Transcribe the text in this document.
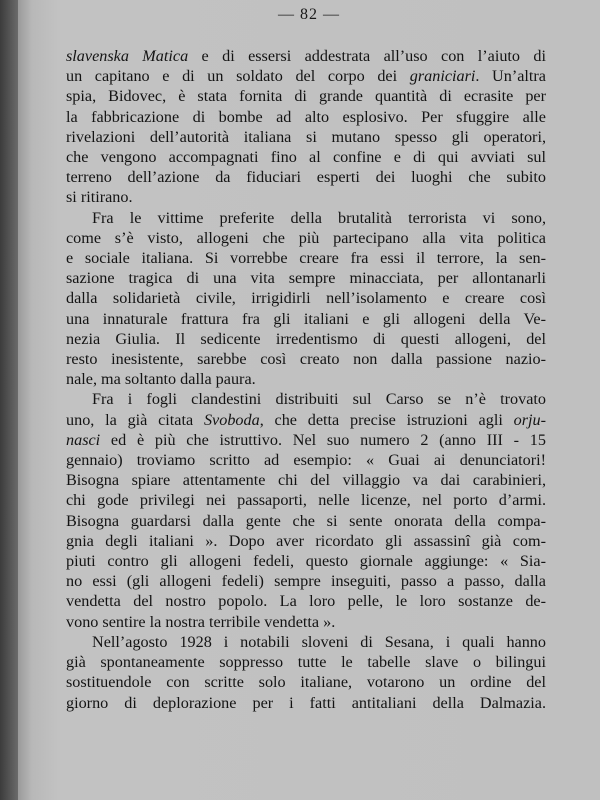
— 82 —
slavenska Matica e di essersi addestrata all’uso con l’aiuto di
un capitano e di un soldato del corpo dei graniciari. Un’altra
spia, Bidovec, è stata fornita di grande quantità di ecrasite per
la fabbricazione di bombe ad alto esplosivo. Per sfuggire alle
rivelazioni dell’autorità italiana si mutano spesso gli operatori,
che vengono accompagnati fino al confine e di qui avviati sul
terreno dell’azione da fiduciari esperti dei luoghi che subito
si ritirano.
Fra le vittime preferite della brutalità terrorista vi sono,
come s’è visto, allogeni che più partecipano alla vita politica
e sociale italiana. Si vorrebbe creare fra essi il terrore, la sen-
sazione tragica di una vita sempre minacciata, per allontanarli
dalla solidarietà civile, irrigidirli nell’isolamento e creare così
una innaturale frattura fra gli italiani e gli allogeni della Ve-
nezia Giulia. Il sedicente irredentismo di questi allogeni, del
resto inesistente, sarebbe così creato non dalla passione nazio-
nale, ma soltanto dalla paura.
Fra i fogli clandestini distribuiti sul Carso se n’è trovato
uno, la già citata Svoboda, che detta precise istruzioni agli orju-
nasci ed è più che istruttivo. Nel suo numero 2 (anno III - 15
gennaio) troviamo scritto ad esempio: « Guai ai denunciatori!
Bisogna spiare attentamente chi del villaggio va dai carabinieri,
chi gode privilegi nei passaporti, nelle licenze, nel porto d’armi.
Bisogna guardarsi dalla gente che si sente onorata della compa-
gnia degli italiani ». Dopo aver ricordato gli assassinî già com-
piuti contro gli allogeni fedeli, questo giornale aggiunge: « Sia-
no essi (gli allogeni fedeli) sempre inseguiti, passo a passo, dalla
vendetta del nostro popolo. La loro pelle, le loro sostanze de-
vono sentire la nostra terribile vendetta ».
Nell’agosto 1928 i notabili sloveni di Sesana, i quali hanno
già spontaneamente soppresso tutte le tabelle slave o bilingui
sostituendole con scritte solo italiane, votarono un ordine del
giorno di deplorazione per i fatti antitaliani della Dalmazia.
